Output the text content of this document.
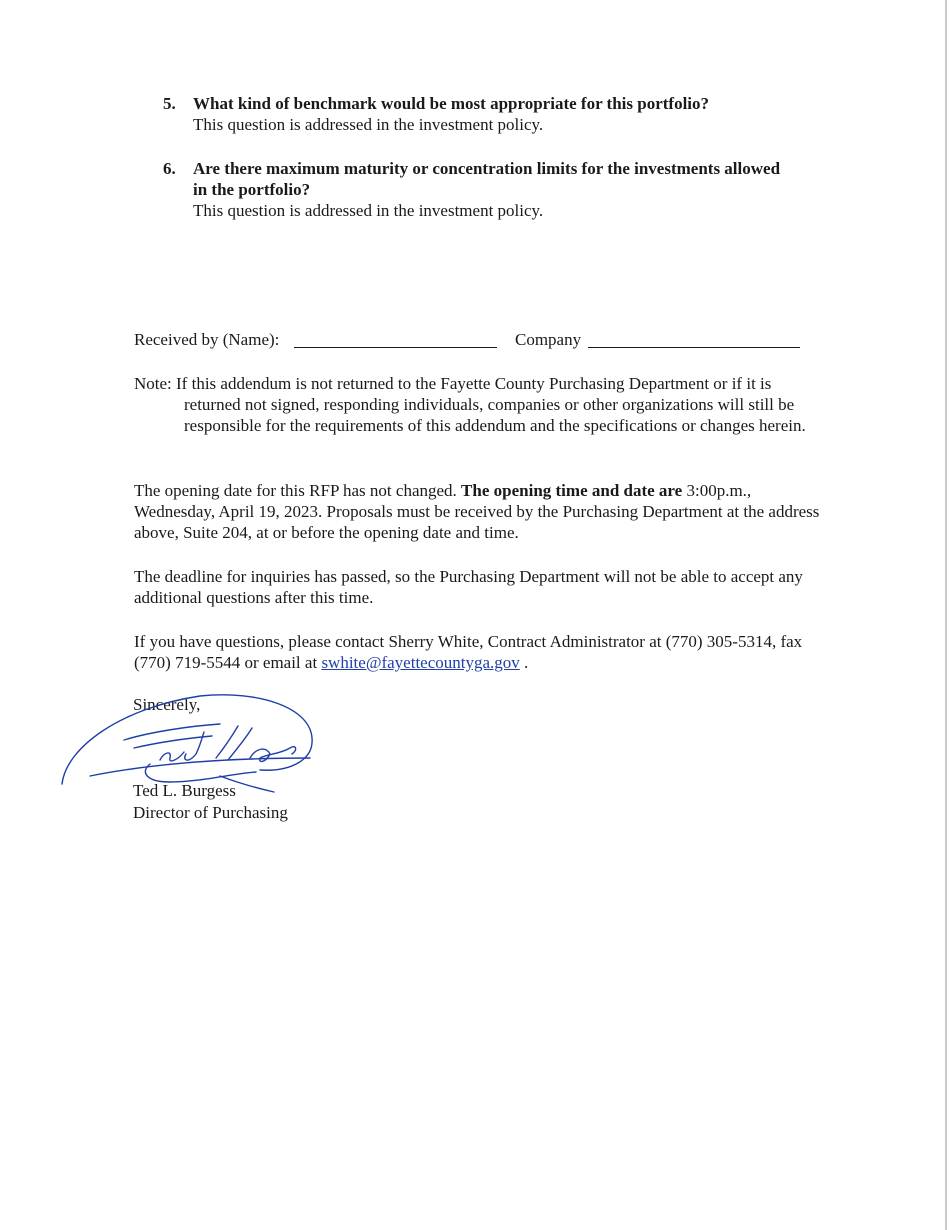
5. What kind of benchmark would be most appropriate for this portfolio?
This question is addressed in the investment policy.
6. Are there maximum maturity or concentration limits for the investments allowed in the portfolio?
This question is addressed in the investment policy.
Received by (Name):	Company
Note: If this addendum is not returned to the Fayette County Purchasing Department or if it is
returned not signed, responding individuals, companies or other organizations will still be responsible for the requirements of this addendum and the specifications or changes herein.
The opening date for this RFP has not changed. The opening time and date are 3:00p.m., Wednesday, April 19, 2023. Proposals must be received by the Purchasing Department at the address above, Suite 204, at or before the opening date and time.
The deadline for inquiries has passed, so the Purchasing Department will not be able to accept any additional questions after this time.
If you have questions, please contact Sherry White, Contract Administrator at (770) 305-5314, fax (770) 719-5544 or email at swhite@fayettecountyga.gov .
Sincerely,
Ted L. Burgess
Director of Purchasing
